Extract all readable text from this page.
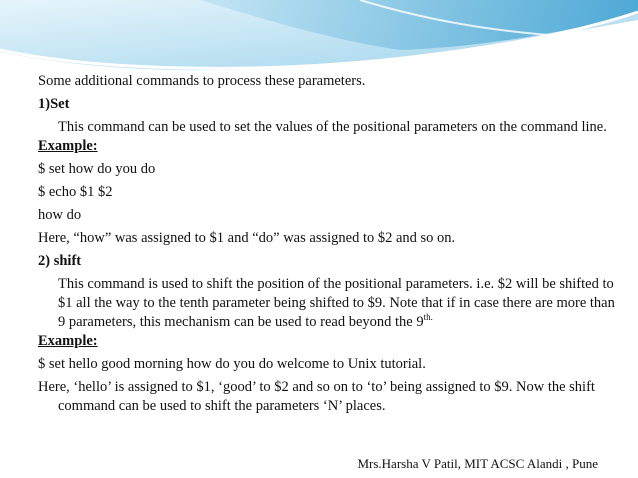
Some additional commands to process these parameters.
1)Set
This command can be used to set the values of the positional parameters on the command line.
Example:
$ set how do you do
$ echo $1 $2
how do
Here, “how” was assigned to $1 and “do” was assigned to $2 and so on.
2) shift
This command is used to shift the position of the positional parameters. i.e. $2 will be shifted to $1 all the way to the tenth parameter being shifted to $9. Note that if in case there are more than 9 parameters, this mechanism can be used to read beyond the $9^{th.}$
Example:
$ set hello good morning how do you do welcome to Unix tutorial.
Here, ‘hello’ is assigned to $1, ‘good’ to $2 and so on to ‘to’ being assigned to $9. Now the shift command can be used to shift the parameters ‘N’ places.
Mrs.Harsha V Patil, MIT ACSC Alandi , Pune
